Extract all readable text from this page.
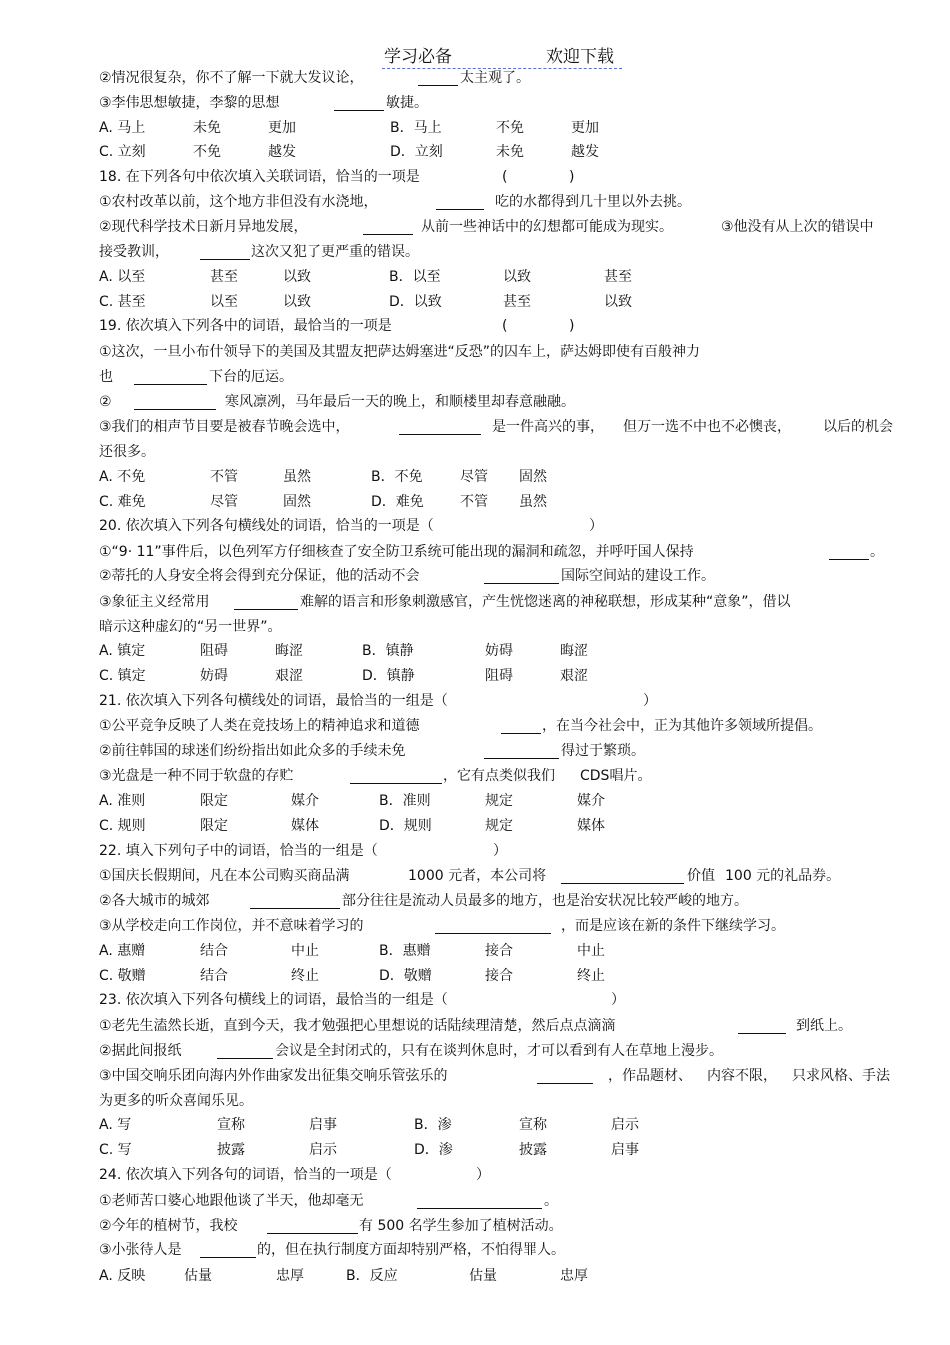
学习必备	欢迎下载
②情况很复杂，你不了解一下就大发议论，	太主观了。
③李伟思想敏捷，李黎的思想	敏捷。
A. 马上	未免	更加	B．马上	不免	更加
C. 立刻	不免	越发	D．立刻	未免	越发
18. 在下列各句中依次填入关联词语，恰当的一项是	(	)
①农村改革以前，这个地方非但没有水浇地，	吃的水都得到几十里以外去挑。
②现代科学技术日新月异地发展，	从前一些神话中的幻想都可能成为现实。	③他没有从上次的错误中
接受教训，	这次又犯了更严重的错误。
A. 以至	甚至	以致	B．以至	以致	甚至
C. 甚至	以至	以致	D．以致	甚至	以致
19. 依次填入下列各中的词语，最恰当的一项是	(	)
①这次，一旦小布什领导下的美国及其盟友把萨达姆塞进“反恐”的囚车上，萨达姆即使有百般神力
也	下台的厄运。
②	寒风凛冽，马年最后一天的晚上，和顺楼里却春意融融。
③我们的相声节目要是被春节晚会选中，	是一件高兴的事， 但万一选不中也不必懊丧， 以后的机会
还很多。
A. 不免	不管	虽然	B．不免	尽管 固然
C. 难免	尽管	固然	D．难免	不管 虽然
20. 依次填入下列各句横线处的词语，恰当的一项是（	）
①“9· 11”事件后，以色列军方仔细核查了安全防卫系统可能出现的漏洞和疏忽，并呼吁国人保持	。
②蒂托的人身安全将会得到充分保证，他的活动不会	国际空间站的建设工作。
③象征主义经常用	难解的语言和形象刺激感官，产生恍惚迷离的神秘联想，形成某种“意象”，借以
暗示这种虚幻的“另一世界”。
A. 镇定	阻碍	晦涩	B．镇静	妨碍	晦涩
C. 镇定	妨碍	艰涩	D．镇静	阻碍	艰涩
21. 依次填入下列各句横线处的词语，最恰当的一组是（	）
①公平竞争反映了人类在竞技场上的精神追求和道德	，在当今社会中，正为其他许多领域所提倡。
②前往韩国的球迷们纷纷指出如此众多的手续未免	得过于繁琐。
③光盘是一种不同于软盘的存贮	，它有点类似我们 CDS唱片。
A. 准则	限定	媒介	B．准则	规定	媒介
C. 规则	限定	媒体	D．规则	规定	媒体
22. 填入下列句子中的词语，恰当的一组是（	）
①国庆长假期间，凡在本公司购买商品满	1000 元者，本公司将	价值 100 元的礼品券。
②各大城市的城郊	部分往往是流动人员最多的地方，也是治安状况比较严峻的地方。
③从学校走向工作岗位，并不意味着学习的	，而是应该在新的条件下继续学习。
A. 惠赠	结合	中止	B．惠赠	接合	中止
C. 敬赠	结合	终止	D．敬赠	接合	终止
23. 依次填入下列各句横线上的词语，最恰当的一组是（	）
①老先生溘然长逝，直到今天，我才勉强把心里想说的话陆续理清楚，然后点点滴滴	到纸上。
②据此间报纸	会议是全封闭式的，只有在谈判休息时，才可以看到有人在草地上漫步。
③中国交响乐团向海内外作曲家发出征集交响乐管弦乐的	，作品题材、 内容不限， 只求风格、手法
为更多的听众喜闻乐见。
A. 写	宣称	启事	B．渗	宣称	启示
C. 写	披露	启示	D．渗	披露	启事
24. 依次填入下列各句的词语，恰当的一项是（	）
①老师苦口婆心地跟他谈了半天，他却毫无	。
②今年的植树节，我校	有 500 名学生参加了植树活动。
③小张待人是	的，但在执行制度方面却特别严格，不怕得罪人。
A. 反映	估量	忠厚	B．反应	估量	忠厚
